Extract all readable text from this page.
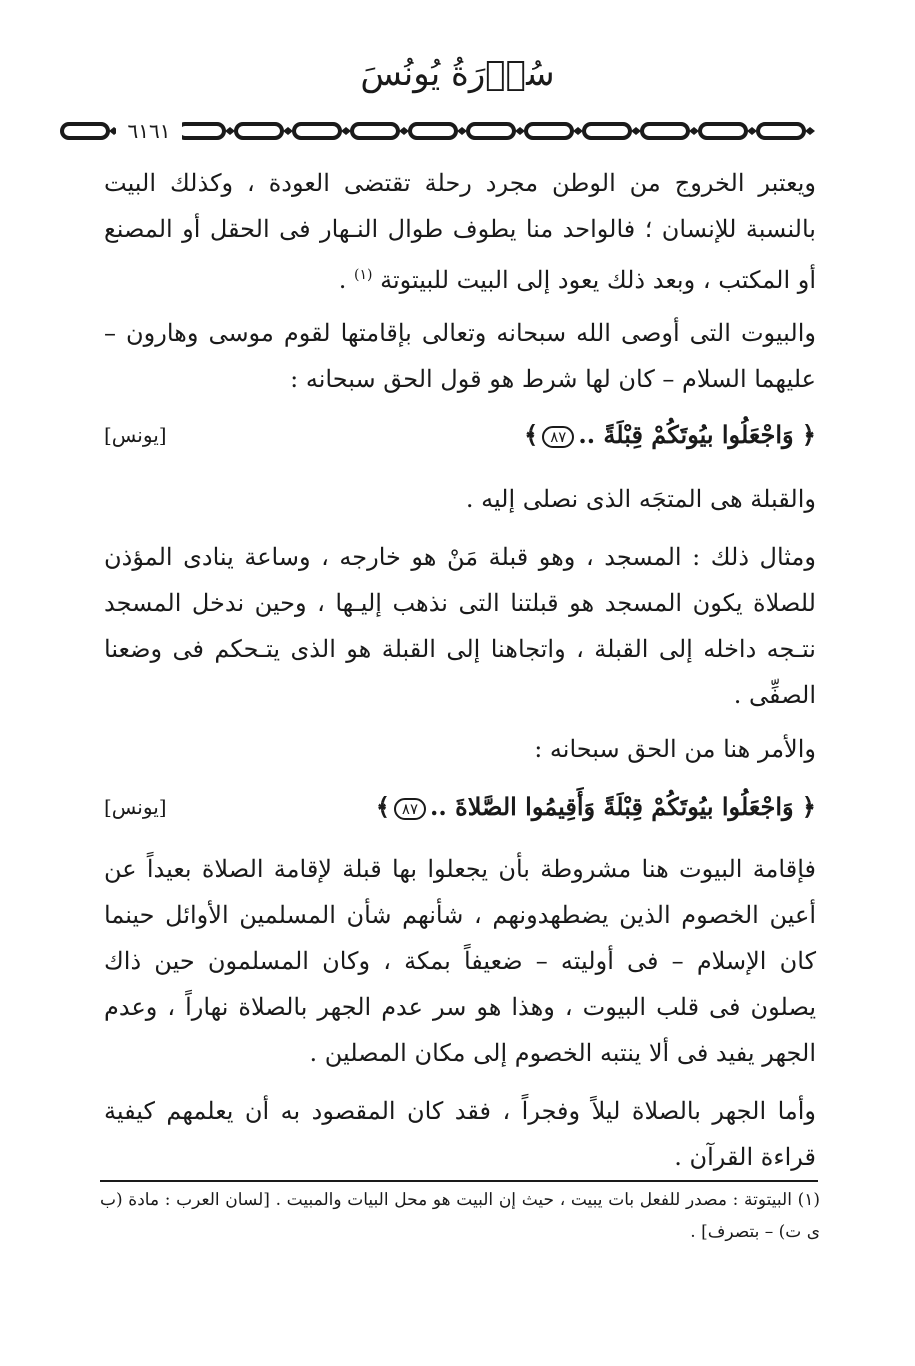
سُوۡرَةُ يُونُسَ
٦١٦١

ويعتبر الخروج من الوطن مجرد رحلة تقتضى العودة ، وكذلك البيت بالنسبة للإنسان ؛ فالواحد منا يطوف طوال النـهار فى الحقل أو المصنع أو المكتب ، وبعد ذلك يعود إلى البيت للبيتوتة $^{(١)}$ .

والبيوت التى أوصى الله سبحانه وتعالى بإقامتها لقوم موسى وهارون – عليهما السلام – كان لها شرط هو قول الحق سبحانه :

﴿ وَاجْعَلُوا بيُوتَكُمْ قِبْلَةً ..٨٧﴾
[يونس]

والقبلة هى المتجَه الذى نصلى إليه .

ومثال ذلك : المسجد ، وهو قبلة مَنْ هو خارجه ، وساعة ينادى المؤذن للصلاة يكون المسجد هو قبلتنا التى نذهب إليـها ، وحين ندخل المسجد نتـجه داخله إلى القبلة ، واتجاهنا إلى القبلة هو الذى يتـحكم فى وضعنا الصفِّى .

والأمر هنا من الحق سبحانه :

﴿ وَاجْعَلُوا بيُوتَكُمْ قِبْلَةً وَأَقِيمُوا الصَّلاةَ ..٨٧﴾
[يونس]

فإقامة البيوت هنا مشروطة بأن يجعلوا بها قبلة لإقامة الصلاة بعيداً عن أعين الخصوم الذين يضطهدونهم ، شأنهم شأن المسلمين الأوائل حينما كان الإسلام – فى أوليته – ضعيفاً بمكة ، وكان المسلمون حين ذاك يصلون فى قلب البيوت ، وهذا هو سر عدم الجهر بالصلاة نهاراً ، وعدم الجهر يفيد فى ألا ينتبه الخصوم إلى مكان المصلين .

وأما الجهر بالصلاة ليلاً وفجراً ، فقد كان المقصود به أن يعلمهم كيفية قراءة القرآن .

(١) البيتوتة : مصدر للفعل بات يبيت ، حيث إن البيت هو محل البيات والمبيت . [لسان العرب : مادة (ب ى ت) – بتصرف] .
